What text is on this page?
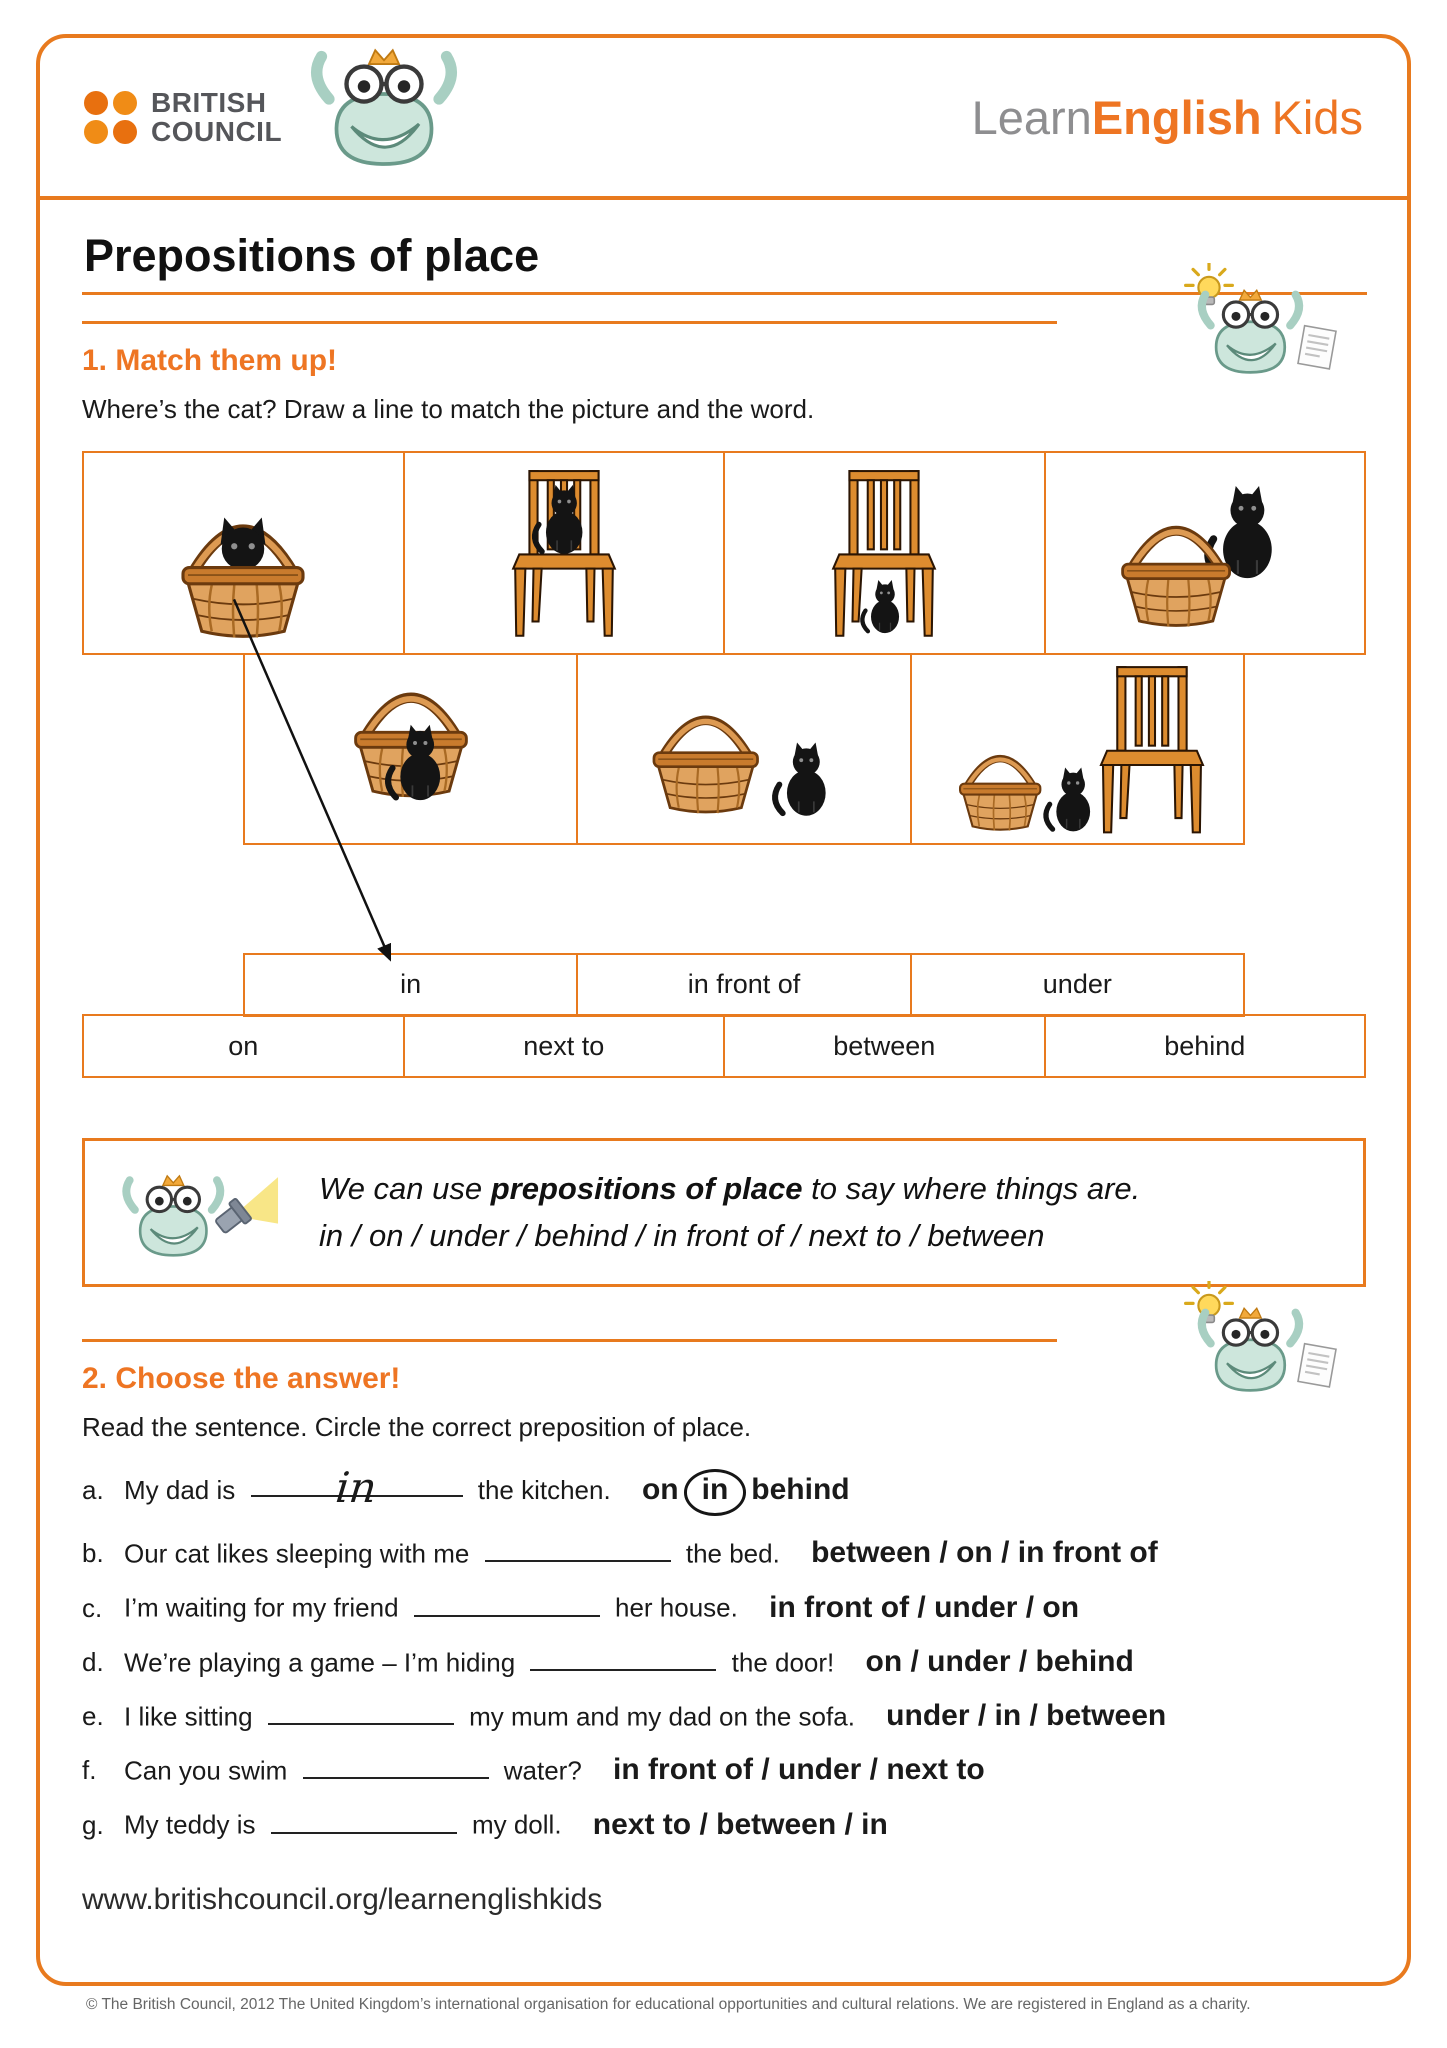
BRITISH
COUNCIL	LearnEnglish Kids
Prepositions of place
1. Match them up!
Where’s the cat? Draw a line to match the picture and the word.
in	in front of	under
on	next to	between	behind
We can use prepositions of place to say where things are.
in / on / under / behind / in front of / next to / between
2. Choose the answer!
Read the sentence. Circle the correct preposition of place.
a. My dad is in	the kitchen. on in behind
b. Our cat likes sleeping with me	the bed. between / on / in front of
c. I’m waiting for my friend	her house. in front of / under / on
d. We’re playing a game – I’m hiding	the door! on / under / behind
e. I like sitting	my mum and my dad on the sofa. under / in / between
f. Can you swim	water? in front of / under / next to
g. My teddy is	my doll. next to / between / in
www.britishcouncil.org/learnenglishkids
© The British Council, 2012 The United Kingdom’s international organisation for educational opportunities and cultural relations. We are registered in England as a charity.
